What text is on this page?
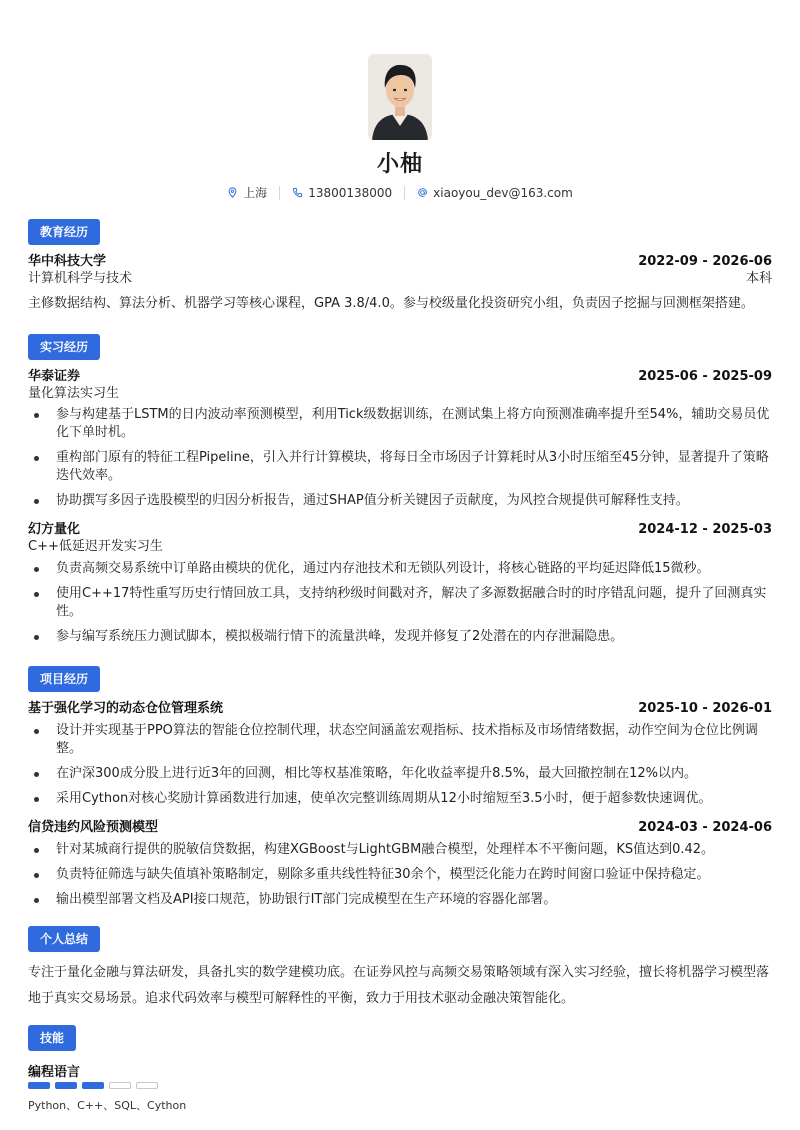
小柚
上海	13800138000	xiaoyou_dev@163.com
教育经历
华中科技大学	2022-09 - 2026-06
计算机科学与技术	本科
主修数据结构、算法分析、机器学习等核心课程，GPA 3.8/4.0。参与校级量化投资研究小组，负责因子挖掘与回测框架搭建。
实习经历
华泰证券	2025-06 - 2025-09
量化算法实习生
参与构建基于LSTM的日内波动率预测模型，利用Tick级数据训练，在测试集上将方向预测准确率提升至54%，辅助交易员优化下单时机。
重构部门原有的特征工程Pipeline，引入并行计算模块，将每日全市场因子计算耗时从3小时压缩至45分钟，显著提升了策略迭代效率。
协助撰写多因子选股模型的归因分析报告，通过SHAP值分析关键因子贡献度，为风控合规提供可解释性支持。
幻方量化	2024-12 - 2025-03
C++低延迟开发实习生
负责高频交易系统中订单路由模块的优化，通过内存池技术和无锁队列设计，将核心链路的平均延迟降低15微秒。
使用C++17特性重写历史行情回放工具，支持纳秒级时间戳对齐，解决了多源数据融合时的时序错乱问题，提升了回测真实性。
参与编写系统压力测试脚本，模拟极端行情下的流量洪峰，发现并修复了2处潜在的内存泄漏隐患。
项目经历
基于强化学习的动态仓位管理系统	2025-10 - 2026-01
设计并实现基于PPO算法的智能仓位控制代理，状态空间涵盖宏观指标、技术指标及市场情绪数据，动作空间为仓位比例调整。
在沪深300成分股上进行近3年的回测，相比等权基准策略，年化收益率提升8.5%，最大回撤控制在12%以内。
采用Cython对核心奖励计算函数进行加速，使单次完整训练周期从12小时缩短至3.5小时，便于超参数快速调优。
信贷违约风险预测模型	2024-03 - 2024-06
针对某城商行提供的脱敏信贷数据，构建XGBoost与LightGBM融合模型，处理样本不平衡问题，KS值达到0.42。
负责特征筛选与缺失值填补策略制定，剔除多重共线性特征30余个，模型泛化能力在跨时间窗口验证中保持稳定。
输出模型部署文档及API接口规范，协助银行IT部门完成模型在生产环境的容器化部署。
个人总结
专注于量化金融与算法研发，具备扎实的数学建模功底。在证券风控与高频交易策略领域有深入实习经验，擅长将机器学习模型落地于真实交易场景。追求代码效率与模型可解释性的平衡，致力于用技术驱动金融决策智能化。
技能
编程语言
Python、C++、SQL、Cython
